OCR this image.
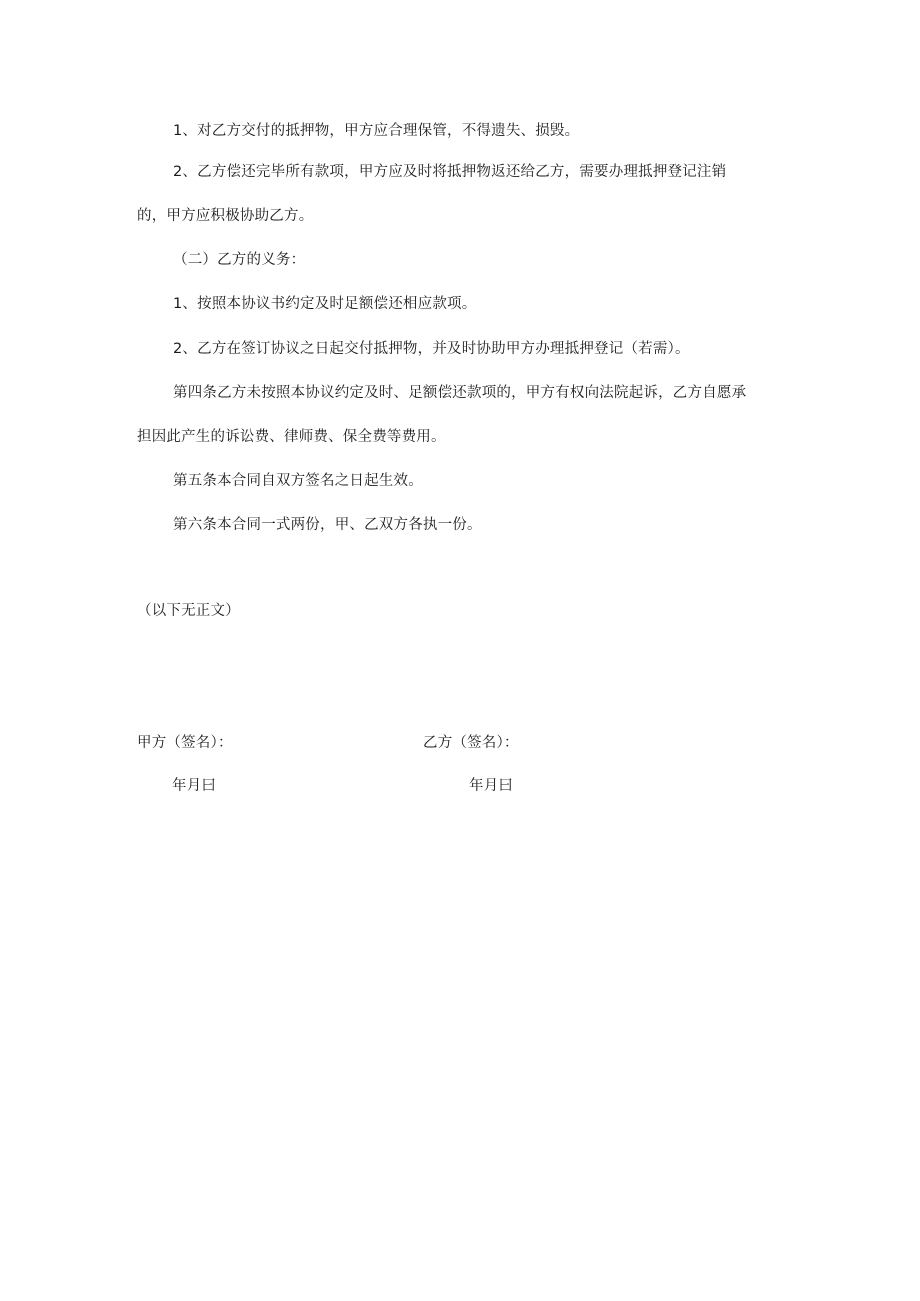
1、对乙方交付的抵押物，甲方应合理保管，不得遗失、损毁。
2、乙方偿还完毕所有款项，甲方应及时将抵押物返还给乙方，需要办理抵押登记注销
的，甲方应积极协助乙方。
（二）乙方的义务：
1、按照本协议书约定及时足额偿还相应款项。
2、乙方在签订协议之日起交付抵押物，并及时协助甲方办理抵押登记（若需）。
第四条乙方未按照本协议约定及时、足额偿还款项的，甲方有权向法院起诉，乙方自愿承
担因此产生的诉讼费、律师费、保全费等费用。
第五条本合同自双方签名之日起生效。
第六条本合同一式两份，甲、乙双方各执一份。
（以下无正文）
甲方（签名）：	乙方（签名）：
年月曰	年月曰
